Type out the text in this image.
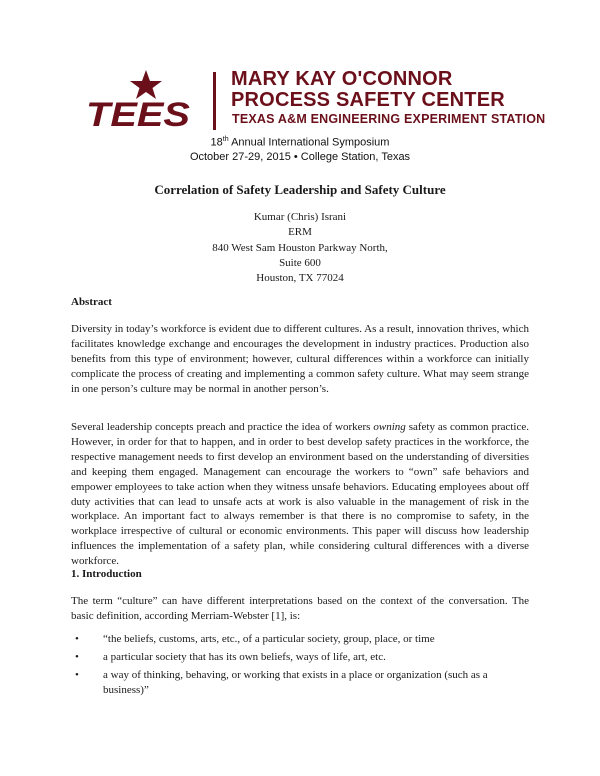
TEES
MARY KAY O'CONNOR
PROCESS SAFETY CENTER
TEXAS A&M ENGINEERING EXPERIMENT STATION
18th Annual International Symposium
October 27-29, 2015 • College Station, Texas
Correlation of Safety Leadership and Safety Culture
Kumar (Chris) Israni
ERM
840 West Sam Houston Parkway North,
Suite 600
Houston, TX 77024
Abstract

Diversity in today’s workforce is evident due to different cultures. As a result, innovation thrives, which facilitates knowledge exchange and encourages the development in industry practices. Production also benefits from this type of environment; however, cultural differences within a workforce can initially complicate the process of creating and implementing a common safety culture. What may seem strange in one person’s culture may be normal in another person’s.

Several leadership concepts preach and practice the idea of workers owning safety as common practice. However, in order for that to happen, and in order to best develop safety practices in the workforce, the respective management needs to first develop an environment based on the understanding of diversities and keeping them engaged. Management can encourage the workers to “own” safe behaviors and empower employees to take action when they witness unsafe behaviors. Educating employees about off duty activities that can lead to unsafe acts at work is also valuable in the management of risk in the workplace. An important fact to always remember is that there is no compromise to safety, in the workplace irrespective of cultural or economic environments. This paper will discuss how leadership influences the implementation of a safety plan, while considering cultural differences with a diverse workforce.

1. Introduction

The term “culture” can have different interpretations based on the context of the conversation. The basic definition, according Merriam-Webster [1], is:

• “the beliefs, customs, arts, etc., of a particular society, group, place, or time
• a particular society that has its own beliefs, ways of life, art, etc.
• a way of thinking, behaving, or working that exists in a place or organization (such as a business)”
